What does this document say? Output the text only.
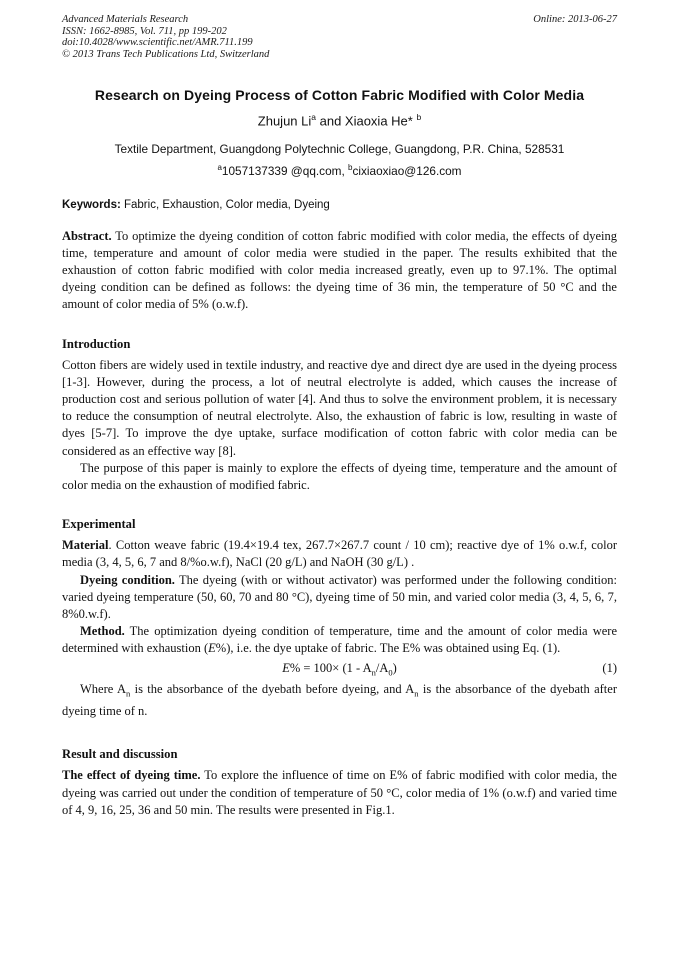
Advanced Materials Research
ISSN: 1662-8985, Vol. 711, pp 199-202
doi:10.4028/www.scientific.net/AMR.711.199
© 2013 Trans Tech Publications Ltd, Switzerland
Online: 2013-06-27
Research on Dyeing Process of Cotton Fabric Modified with Color Media
Zhujun Li$^a$ and Xiaoxia He* $^b$
Textile Department, Guangdong Polytechnic College, Guangdong, P.R. China, 528531
$^a$1057137339 @qq.com, $^b$cixiaoxiao@126.com

Keywords: Fabric, Exhaustion, Color media, Dyeing

Abstract. To optimize the dyeing condition of cotton fabric modified with color media, the effects of dyeing time, temperature and amount of color media were studied in the paper. The results exhibited that the exhaustion of cotton fabric modified with color media increased greatly, even up to 97.1%. The optimal dyeing condition can be defined as follows: the dyeing time of 36 min, the temperature of 50 °C and the amount of color media of 5% (o.w.f).

Introduction

Cotton fibers are widely used in textile industry, and reactive dye and direct dye are used in the dyeing process [1-3]. However, during the process, a lot of neutral electrolyte is added, which causes the increase of production cost and serious pollution of water [4]. And thus to solve the environment problem, it is necessary to reduce the consumption of neutral electrolyte. Also, the exhaustion of fabric is low, resulting in waste of dyes [5-7]. To improve the dye uptake, surface modification of cotton fabric with color media can be considered as an effective way [8].

The purpose of this paper is mainly to explore the effects of dyeing time, temperature and the amount of color media on the exhaustion of modified fabric.

Experimental

Material. Cotton weave fabric (19.4×19.4 tex, 267.7×267.7 count / 10 cm); reactive dye of 1% o.w.f, color media (3, 4, 5, 6, 7 and 8/%o.w.f), NaCl (20 g/L) and NaOH (30 g/L) .

Dyeing condition. The dyeing (with or without activator) was performed under the following condition: varied dyeing temperature (50, 60, 70 and 80 °C), dyeing time of 50 min, and varied color media (3, 4, 5, 6, 7, 8%0.w.f).

Method. The optimization dyeing condition of temperature, time and the amount of color media were determined with exhaustion (E%), i.e. the dye uptake of fabric. The E% was obtained using Eq. (1).

$E\% = 100\times (1 - A_n/A_0)$	(1)

Where $A_n$ is the absorbance of the dyebath before dyeing, and $A_n$ is the absorbance of the dyebath after dyeing time of n.

Result and discussion

The effect of dyeing time. To explore the influence of time on E% of fabric modified with color media, the dyeing was carried out under the condition of temperature of 50 °C, color media of 1% (o.w.f) and varied time of 4, 9, 16, 25, 36 and 50 min. The results were presented in Fig.1.
